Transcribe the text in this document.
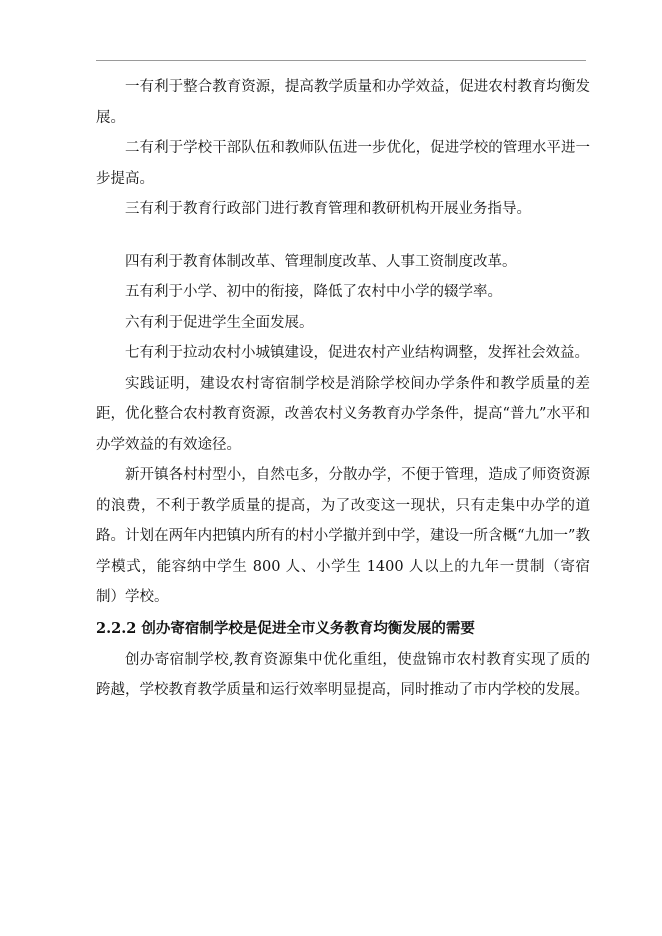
一有利于整合教育资源，提高教学质量和办学效益，促进农村教育均衡发展。

二有利于学校干部队伍和教师队伍进一步优化，促进学校的管理水平进一步提高。

三有利于教育行政部门进行教育管理和教研机构开展业务指导。

四有利于教育体制改革、管理制度改革、人事工资制度改革。

五有利于小学、初中的衔接，降低了农村中小学的辍学率。

六有利于促进学生全面发展。

七有利于拉动农村小城镇建设，促进农村产业结构调整，发挥社会效益。

实践证明，建设农村寄宿制学校是消除学校间办学条件和教学质量的差距，优化整合农村教育资源，改善农村义务教育办学条件，提高“普九”水平和办学效益的有效途径。

新开镇各村村型小，自然屯多，分散办学，不便于管理，造成了师资资源的浪费，不利于教学质量的提高，为了改变这一现状，只有走集中办学的道路。计划在两年内把镇内所有的村小学撤并到中学，建设一所含概“九加一”教学模式，能容纳中学生 800 人、小学生 1400 人以上的九年一贯制（寄宿制）学校。

2.2.2 创办寄宿制学校是促进全市义务教育均衡发展的需要

创办寄宿制学校,教育资源集中优化重组，使盘锦市农村教育实现了质的跨越，学校教育教学质量和运行效率明显提高，同时推动了市内学校的发展。
